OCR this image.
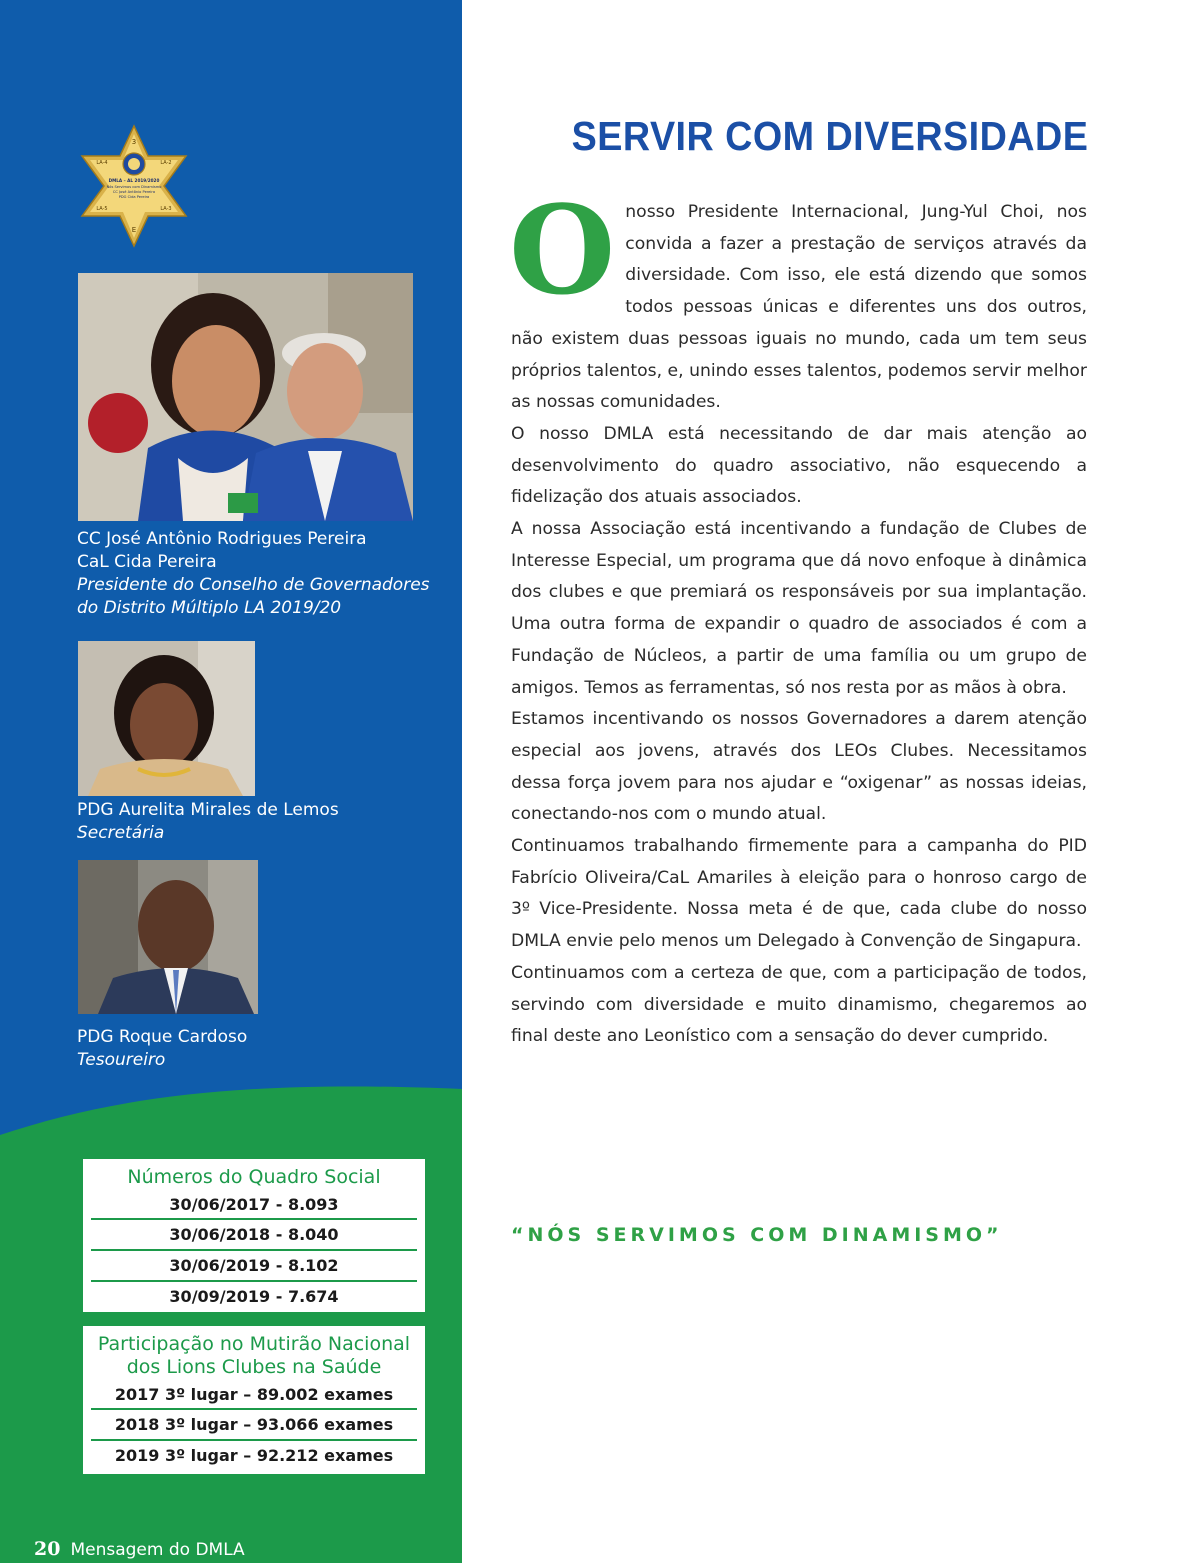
3
LA-4	LA-2
DMLA – AL 2019/2020
Nós Servimos com Dinamismo
CC José Antônio Pereira
PDG Cida Pereira
LA-5	LA-3
E
CC José Antônio Rodrigues Pereira
CaL Cida Pereira
Presidente do Conselho de Governadores
do Distrito Múltiplo LA 2019/20
PDG Aurelita Mirales de Lemos
Secretária
PDG Roque Cardoso
Tesoureiro
Números do Quadro Social
30/06/2017 - 8.093
30/06/2018 - 8.040
30/06/2019 - 8.102
30/09/2019 - 7.674
Participação no Mutirão Nacional
dos Lions Clubes na Saúde
2017 3º lugar – 89.002 exames
2018 3º lugar – 93.066 exames
2019 3º lugar – 92.212 exames
20 Mensagem do DMLA
SERVIR COM DIVERSIDADE

Onosso Presidente Internacional, Jung-Yul Choi, nos convida a fazer a prestação de serviços através da diversidade. Com isso, ele está dizendo que somos todos pessoas únicas e diferentes uns dos outros, não existem duas pessoas iguais no mundo, cada um tem seus próprios talentos, e, unindo esses talentos, podemos servir melhor as nossas comunidades.

O nosso DMLA está necessitando de dar mais atenção ao desenvolvimento do quadro associativo, não esquecendo a fidelização dos atuais associados.

A nossa Associação está incentivando a fundação de Clubes de Interesse Especial, um programa que dá novo enfoque à dinâmica dos clubes e que premiará os responsáveis por sua implantação. Uma outra forma de expandir o quadro de associados é com a Fundação de Núcleos, a partir de uma família ou um grupo de amigos. Temos as ferramentas, só nos resta por as mãos à obra.

Estamos incentivando os nossos Governadores a darem atenção especial aos jovens, através dos LEOs Clubes. Necessitamos dessa força jovem para nos ajudar e “oxigenar” as nossas ideias, conectando-nos com o mundo atual.

Continuamos trabalhando firmemente para a campanha do PID Fabrício Oliveira/CaL Amariles à eleição para o honroso cargo de 3º Vice-Presidente. Nossa meta é de que, cada clube do nosso DMLA envie pelo menos um Delegado à Convenção de Singapura.

Continuamos com a certeza de que, com a participação de todos, servindo com diversidade e muito dinamismo, chegaremos ao final deste ano Leonístico com a sensação do dever cumprido.

“NÓS SERVIMOS COM DINAMISMO”
